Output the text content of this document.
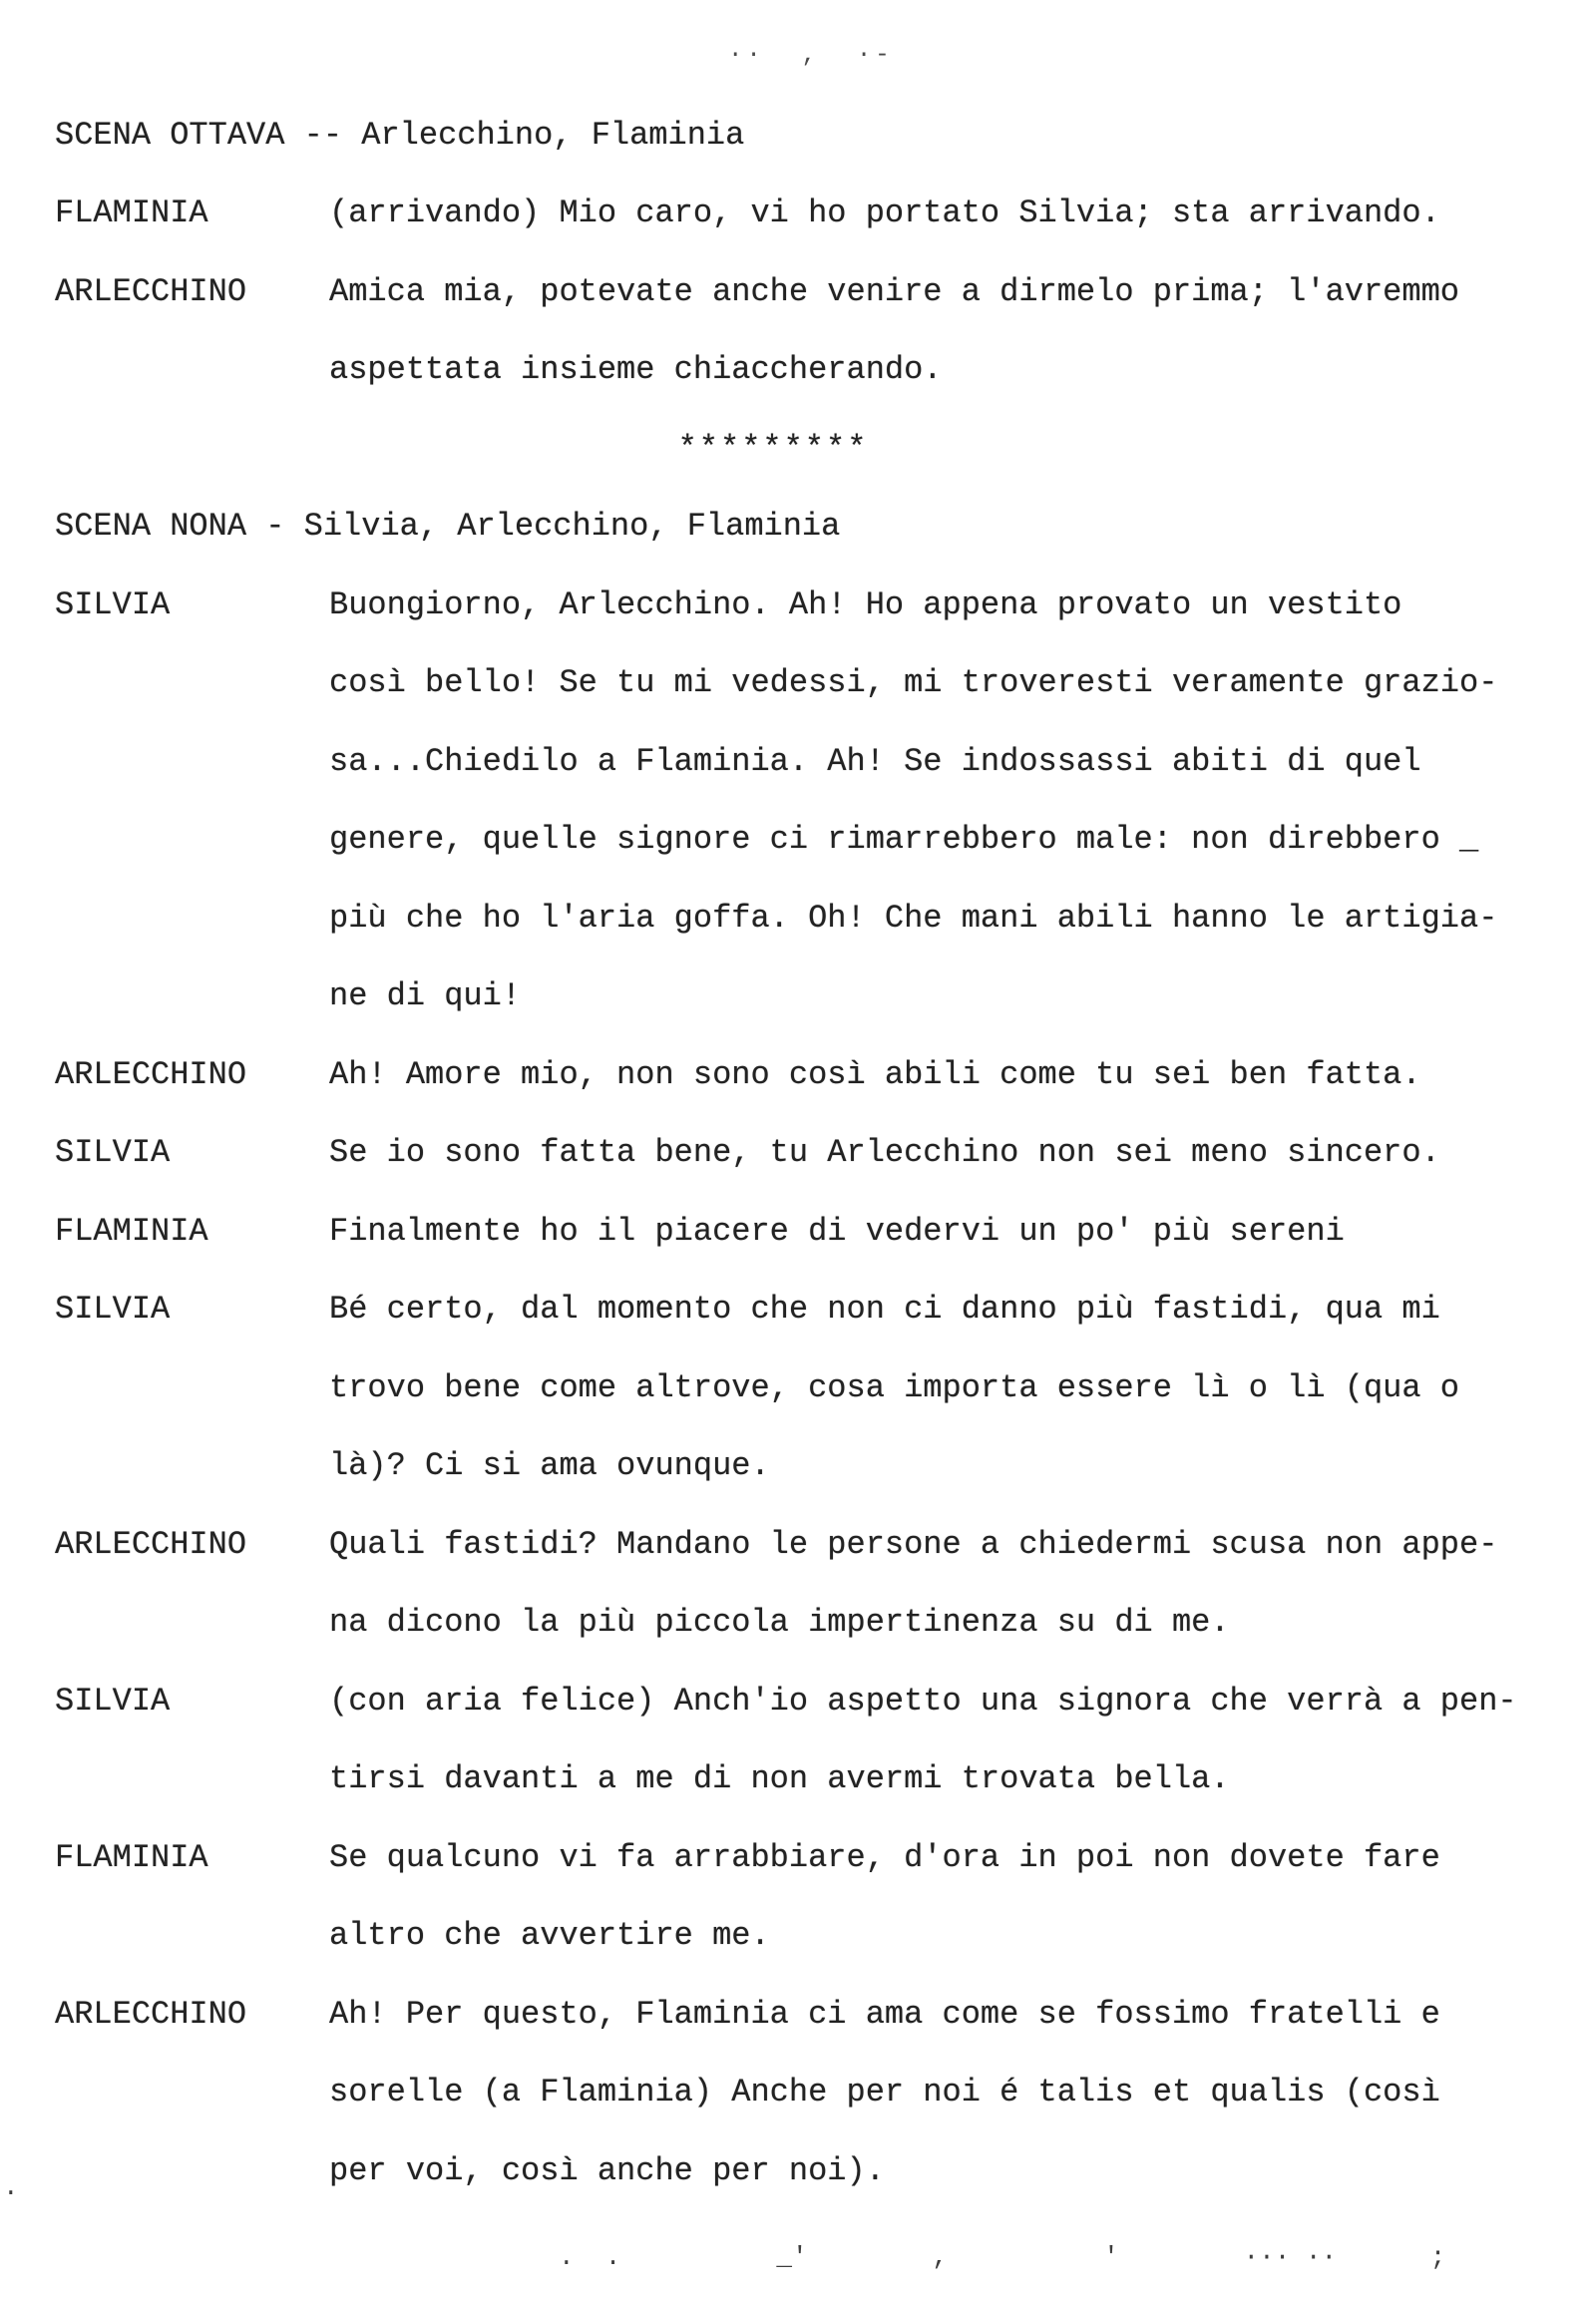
··  ,  ·-
SCENA OTTAVA -- Arlecchino, Flaminia
FLAMINIA	(arrivando) Mio caro, vi ho portato Silvia; sta arrivando.
ARLECCHINO	Amica mia, potevate anche venire a dirmelo prima; l'avremmo
aspettata insieme chiaccherando.
*********
SCENA NONA - Silvia, Arlecchino, Flaminia
SILVIA	Buongiorno, Arlecchino. Ah! Ho appena provato un vestito
così bello! Se tu mi vedessi, mi troveresti veramente grazio-
sa...Chiedilo a Flaminia. Ah! Se indossassi abiti di quel
genere, quelle signore ci rimarrebbero male: non direbbero _
più che ho l'aria goffa. Oh! Che mani abili hanno le artigia-
ne di qui!
ARLECCHINO	Ah! Amore mio, non sono così abili come tu sei ben fatta.
SILVIA	Se io sono fatta bene, tu Arlecchino non sei meno sincero.
FLAMINIA	Finalmente ho il piacere di vedervi un po' più sereni
SILVIA	Bé certo, dal momento che non ci danno più fastidi, qua mi
trovo bene come altrove, cosa importa essere lì o lì (qua o
là)? Ci si ama ovunque.
ARLECCHINO	Quali fastidi? Mandano le persone a chiedermi scusa non appe-
na dicono la più piccola impertinenza su di me.
SILVIA	(con aria felice) Anch'io aspetto una signora che verrà a pen-
tirsi davanti a me di non avermi trovata bella.
FLAMINIA	Se qualcuno vi fa arrabbiare, d'ora in poi non dovete fare
altro che avvertire me.
ARLECCHINO	Ah! Per questo, Flaminia ci ama come se fossimo fratelli e
sorelle (a Flaminia) Anche per noi é talis et qualis (così
per voi, così anche per noi).
.
.  .          _'        ,          '        ··· ··      ;
